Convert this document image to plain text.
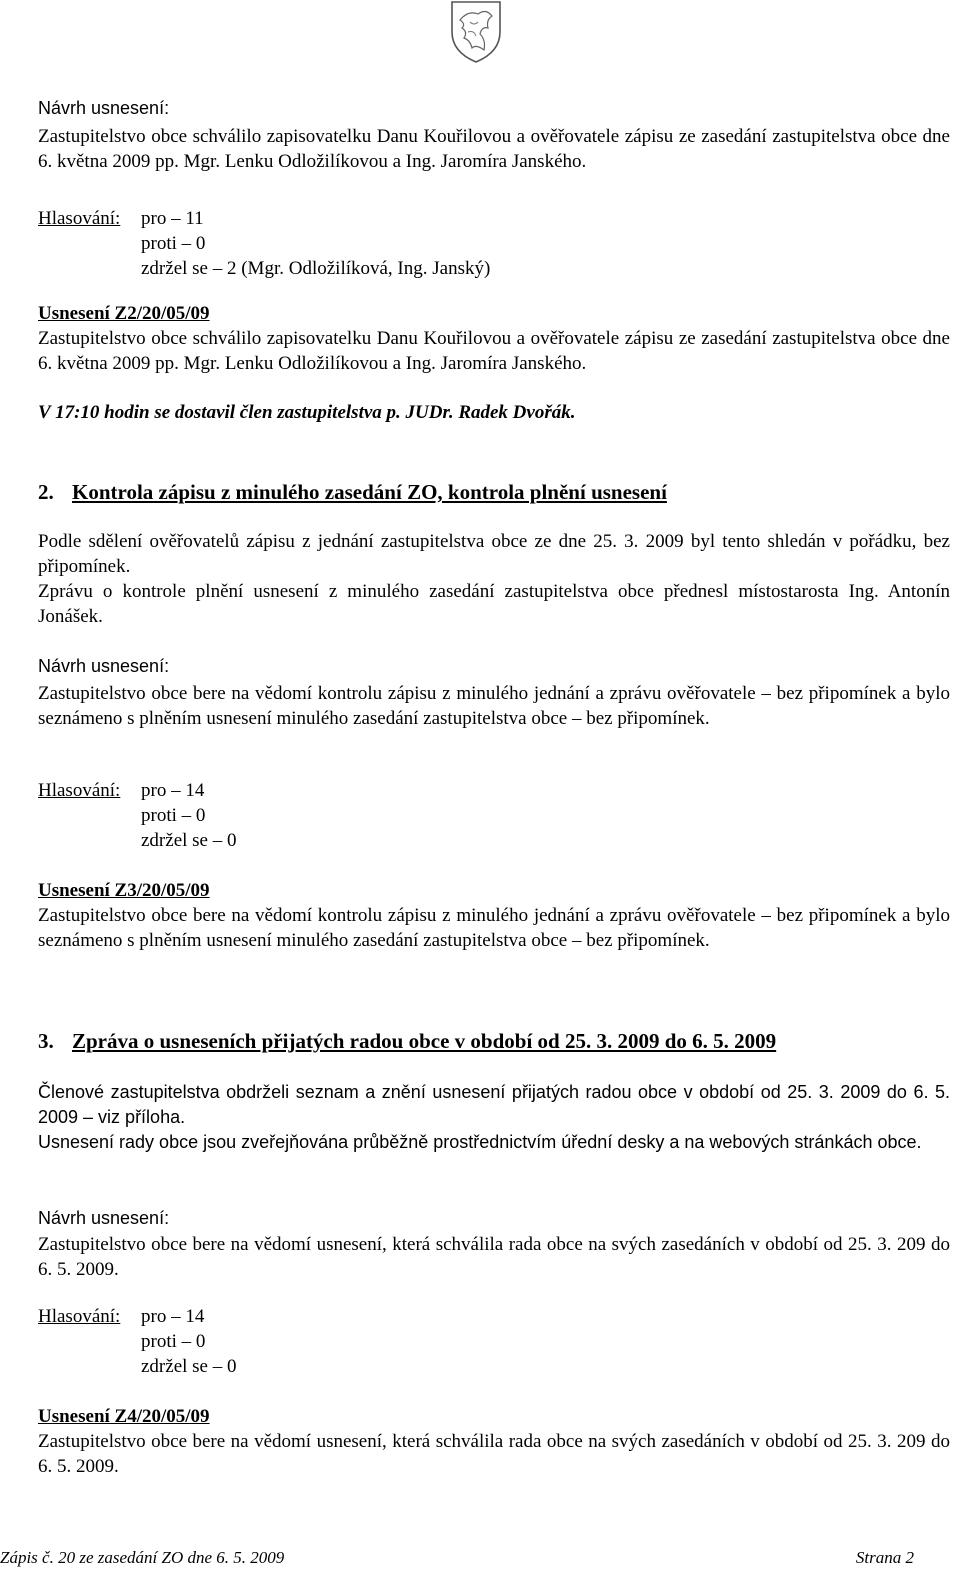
Návrh usnesení:
Zastupitelstvo obce schválilo zapisovatelku Danu Kouřilovou a ověřovatele zápisu ze zasedání zastupitelstva obce dne 6. května 2009 pp. Mgr. Lenku Odložilíkovou a Ing. Jaromíra Janského.
Hlasování: pro – 11
proti – 0
zdržel se – 2 (Mgr. Odložilíková, Ing. Janský)
Usnesení Z2/20/05/09
Zastupitelstvo obce schválilo zapisovatelku Danu Kouřilovou a ověřovatele zápisu ze zasedání zastupitelstva obce dne 6. května 2009 pp. Mgr. Lenku Odložilíkovou a Ing. Jaromíra Janského.
V 17:10 hodin se dostavil člen zastupitelstva p. JUDr. Radek Dvořák.
2. Kontrola zápisu z minulého zasedání ZO, kontrola plnění usnesení
Podle sdělení ověřovatelů zápisu z jednání zastupitelstva obce ze dne 25. 3. 2009 byl tento shledán v pořádku, bez připomínek.
Zprávu o kontrole plnění usnesení z minulého zasedání zastupitelstva obce přednesl místostarosta Ing. Antonín Jonášek.
Návrh usnesení:
Zastupitelstvo obce bere na vědomí kontrolu zápisu z minulého jednání a zprávu ověřovatele – bez připomínek a bylo seznámeno s plněním usnesení minulého zasedání zastupitelstva obce – bez připomínek.
Hlasování: pro – 14
proti – 0
zdržel se – 0
Usnesení Z3/20/05/09
Zastupitelstvo obce bere na vědomí kontrolu zápisu z minulého jednání a zprávu ověřovatele – bez připomínek a bylo seznámeno s plněním usnesení minulého zasedání zastupitelstva obce – bez připomínek.
3. Zpráva o usneseních přijatých radou obce v období od 25. 3. 2009 do 6. 5. 2009
Členové zastupitelstva obdrželi seznam a znění usnesení přijatých radou obce v období od 25. 3. 2009 do 6. 5. 2009 – viz příloha.
Usnesení rady obce jsou zveřejňována průběžně prostřednictvím úřední desky a na webových stránkách obce.
Návrh usnesení:
Zastupitelstvo obce bere na vědomí usnesení, která schválila rada obce na svých zasedáních v období od 25. 3. 209 do 6. 5. 2009.
Hlasování: pro – 14
proti – 0
zdržel se – 0
Usnesení Z4/20/05/09
Zastupitelstvo obce bere na vědomí usnesení, která schválila rada obce na svých zasedáních v období od 25. 3. 209 do 6. 5. 2009.
Zápis č. 20 ze zasedání ZO dne 6. 5. 2009	Strana 2
